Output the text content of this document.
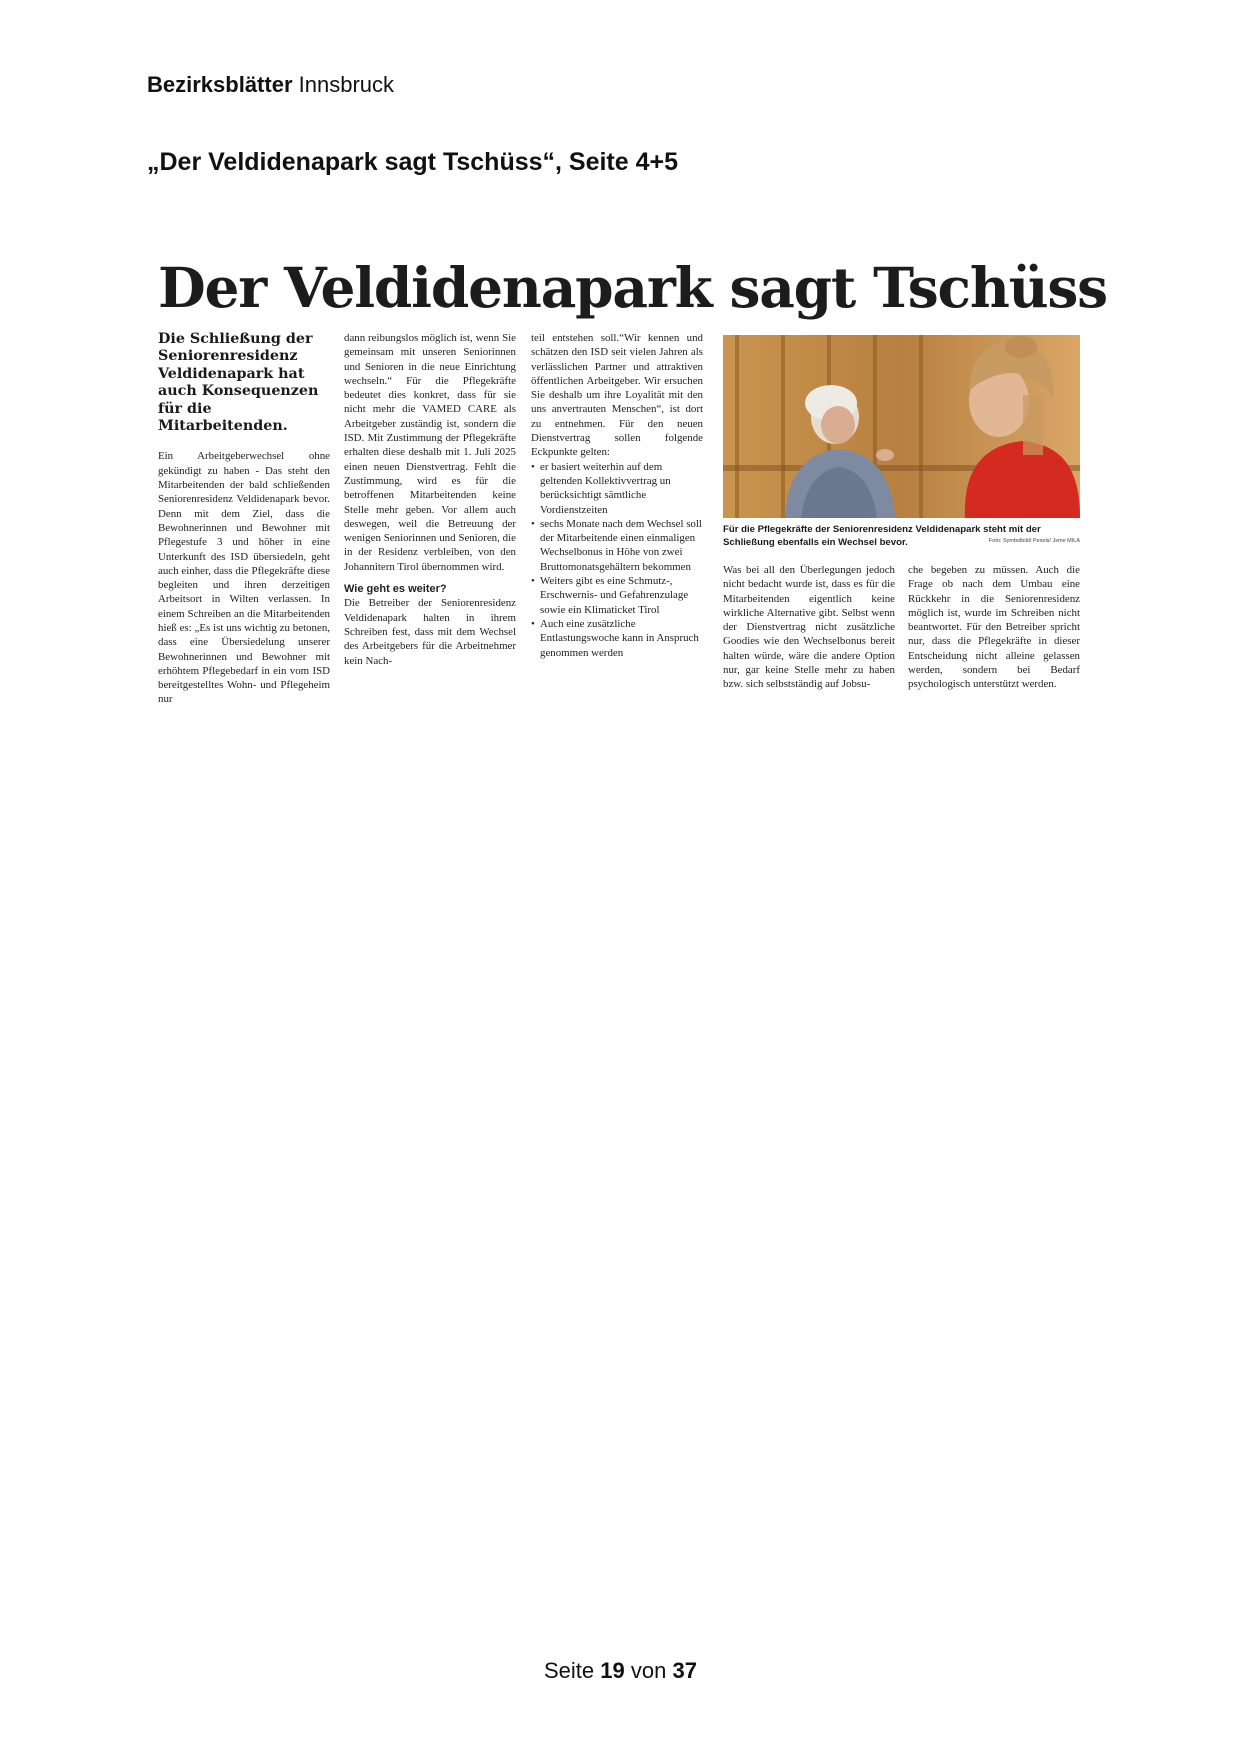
Bezirksblätter Innsbruck
„Der Veldidenapark sagt Tschüss“, Seite 4+5
Der Veldidenapark sagt Tschüss

Die Schließung der Seniorenresidenz Veldidenapark hat auch Konsequenzen für die Mitarbeitenden.

Ein Arbeitgeberwechsel ohne gekündigt zu haben - Das steht den Mitarbeitenden der bald schließenden Seniorenresidenz Veldidenapark bevor. Denn mit dem Ziel, dass die Bewohnerinnen und Bewohner mit Pflegestufe 3 und höher in eine Unterkunft des ISD übersiedeln, geht auch einher, dass die Pflegekräfte diese begleiten und ihren derzeitigen Arbeitsort in Wilten verlassen. In einem Schreiben an die Mitarbeitenden hieß es: „Es ist uns wichtig zu betonen, dass eine Übersiedelung unserer Bewohnerinnen und Bewohner mit erhöhtem Pflegebedarf in ein vom ISD bereitgestelltes Wohn- und Pflegeheim nur

dann reibungslos möglich ist, wenn Sie gemeinsam mit unseren Seniorinnen und Senioren in die neue Einrichtung wechseln.“ Für die Pflegekräfte bedeutet dies konkret, dass für sie nicht mehr die VAMED CARE als Arbeitgeber zuständig ist, sondern die ISD. Mit Zustimmung der Pflegekräfte erhalten diese deshalb mit 1. Juli 2025 einen neuen Dienstvertrag. Fehlt die Zustimmung, wird es für die betroffenen Mitarbeitenden keine Stelle mehr geben. Vor allem auch deswegen, weil die Betreuung der wenigen Seniorinnen und Senioren, die in der Residenz verbleiben, von den Johannitern Tirol übernommen wird.

Wie geht es weiter?

Die Betreiber der Seniorenresidenz Veldidenapark halten in ihrem Schreiben fest, dass mit dem Wechsel des Arbeitgebers für die Arbeitnehmer kein Nach-

teil entstehen soll.“Wir kennen und schätzen den ISD seit vielen Jahren als verlässlichen Partner und attraktiven öffentlichen Arbeitgeber. Wir ersuchen Sie deshalb um ihre Loyalität mit den uns anvertrauten Menschen“, ist dort zu entnehmen. Für den neuen Dienstvertrag sollen folgende Eckpunkte gelten:

• er basiert weiterhin auf dem geltenden Kollektivvertrag un berücksichtigt sämtliche Vordienstzeiten
• sechs Monate nach dem Wechsel soll der Mitarbeitende einen einmaligen Wechselbonus in Höhe von zwei Bruttomonatsgehältern bekommen
• Weiters gibt es eine Schmutz-, Erschwernis- und Gefahrenzulage sowie ein Klimaticket Tirol
• Auch eine zusätzliche Entlastungswoche kann in Anspruch genommen werden
Für die Pflegekräfte der Seniorenresidenz Veldidenapark steht mit der Schließung ebenfalls ein Wechsel bevor.	Foto: Symbolbild/ Pexels/ Jsme MILA

Was bei all den Überlegungen jedoch nicht bedacht wurde ist, dass es für die Mitarbeitenden eigentlich keine wirkliche Alternative gibt. Selbst wenn der Dienstvertrag nicht zusätzliche Goodies wie den Wechselbonus bereit halten würde, wäre die andere Option nur, gar keine Stelle mehr zu haben bzw. sich selbstständig auf Jobsu-

che begeben zu müssen. Auch die Frage ob nach dem Umbau eine Rückkehr in die Seniorenresidenz möglich ist, wurde im Schreiben nicht beantwortet. Für den Betreiber spricht nur, dass die Pflegekräfte in dieser Entscheidung nicht alleine gelassen werden, sondern bei Bedarf psychologisch unterstützt werden.

Seite 19 von 37
